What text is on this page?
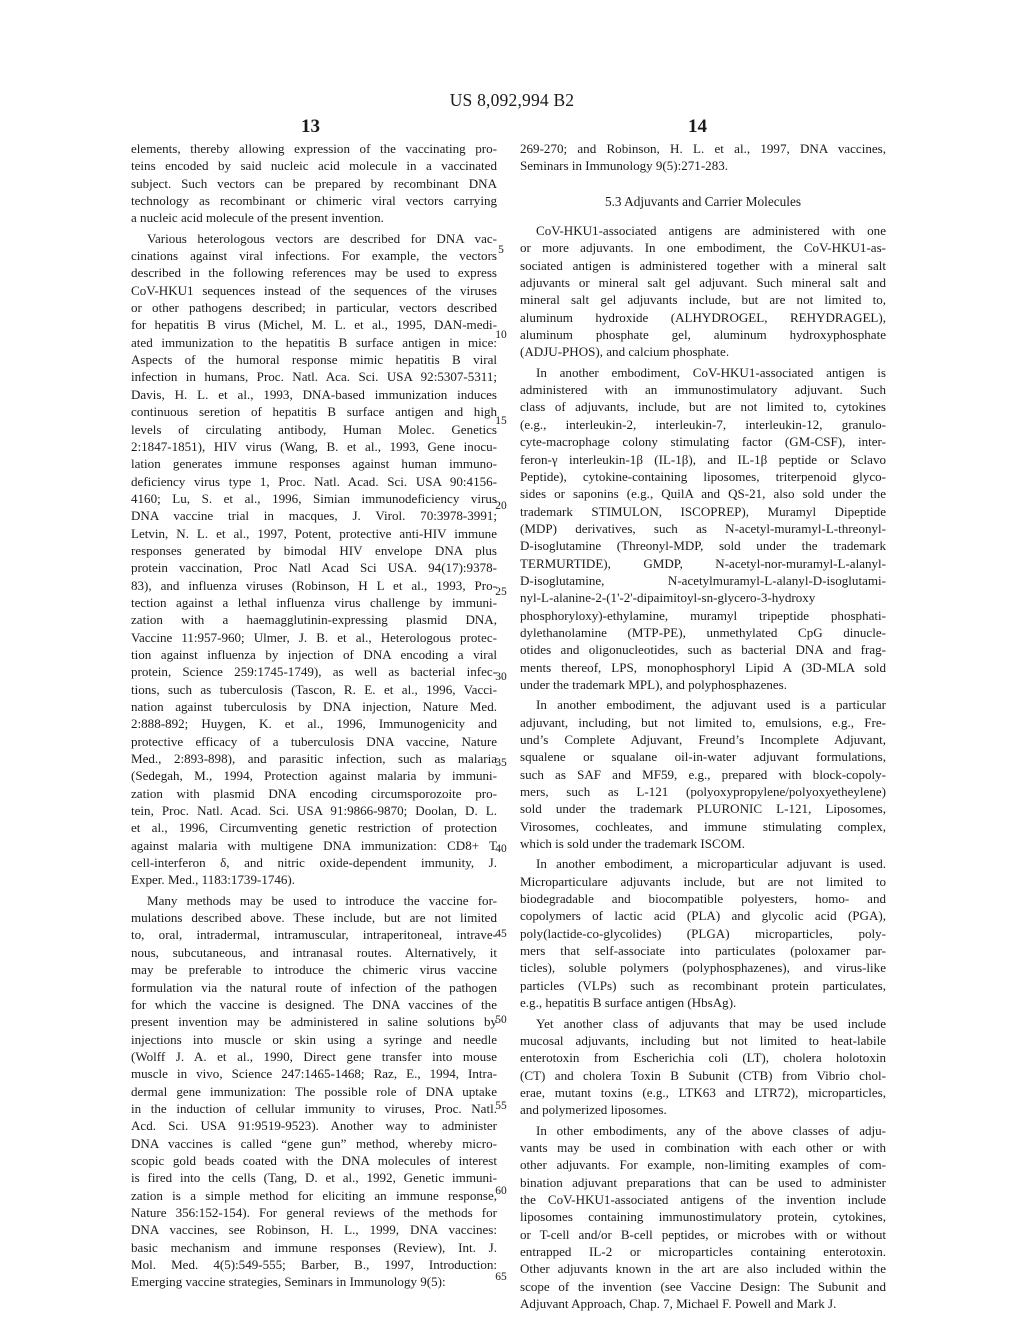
US 8,092,994 B2
13	14
elements, thereby allowing expression of the vaccinating pro-
teins encoded by said nucleic acid molecule in a vaccinated
subject. Such vectors can be prepared by recombinant DNA
technology as recombinant or chimeric viral vectors carrying
a nucleic acid molecule of the present invention.
Various heterologous vectors are described for DNA vac-
cinations against viral infections. For example, the vectors
described in the following references may be used to express
CoV-HKU1 sequences instead of the sequences of the viruses
or other pathogens described; in particular, vectors described
for hepatitis B virus (Michel, M. L. et al., 1995, DAN-medi-
ated immunization to the hepatitis B surface antigen in mice:
Aspects of the humoral response mimic hepatitis B viral
infection in humans, Proc. Natl. Aca. Sci. USA 92:5307-5311;
Davis, H. L. et al., 1993, DNA-based immunization induces
continuous seretion of hepatitis B surface antigen and high
levels of circulating antibody, Human Molec. Genetics
2:1847-1851), HIV virus (Wang, B. et al., 1993, Gene inocu-
lation generates immune responses against human immuno-
deficiency virus type 1, Proc. Natl. Acad. Sci. USA 90:4156-
4160; Lu, S. et al., 1996, Simian immunodeficiency virus
DNA vaccine trial in macques, J. Virol. 70:3978-3991;
Letvin, N. L. et al., 1997, Potent, protective anti-HIV immune
responses generated by bimodal HIV envelope DNA plus
protein vaccination, Proc Natl Acad Sci USA. 94(17):9378-
83), and influenza viruses (Robinson, H L et al., 1993, Pro-
tection against a lethal influenza virus challenge by immuni-
zation with a haemagglutinin-expressing plasmid DNA,
Vaccine 11:957-960; Ulmer, J. B. et al., Heterologous protec-
tion against influenza by injection of DNA encoding a viral
protein, Science 259:1745-1749), as well as bacterial infec-
tions, such as tuberculosis (Tascon, R. E. et al., 1996, Vacci-
nation against tuberculosis by DNA injection, Nature Med.
2:888-892; Huygen, K. et al., 1996, Immunogenicity and
protective efficacy of a tuberculosis DNA vaccine, Nature
Med., 2:893-898), and parasitic infection, such as malaria
(Sedegah, M., 1994, Protection against malaria by immuni-
zation with plasmid DNA encoding circumsporozoite pro-
tein, Proc. Natl. Acad. Sci. USA 91:9866-9870; Doolan, D. L.
et al., 1996, Circumventing genetic restriction of protection
against malaria with multigene DNA immunization: CD8+ T
cell-interferon δ, and nitric oxide-dependent immunity, J.
Exper. Med., 1183:1739-1746).
Many methods may be used to introduce the vaccine for-
mulations described above. These include, but are not limited
to, oral, intradermal, intramuscular, intraperitoneal, intrave-
nous, subcutaneous, and intranasal routes. Alternatively, it
may be preferable to introduce the chimeric virus vaccine
formulation via the natural route of infection of the pathogen
for which the vaccine is designed. The DNA vaccines of the
present invention may be administered in saline solutions by
injections into muscle or skin using a syringe and needle
(Wolff J. A. et al., 1990, Direct gene transfer into mouse
muscle in vivo, Science 247:1465-1468; Raz, E., 1994, Intra-
dermal gene immunization: The possible role of DNA uptake
in the induction of cellular immunity to viruses, Proc. Natl.
Acd. Sci. USA 91:9519-9523). Another way to administer
DNA vaccines is called “gene gun” method, whereby micro-
scopic gold beads coated with the DNA molecules of interest
is fired into the cells (Tang, D. et al., 1992, Genetic immuni-
zation is a simple method for eliciting an immune response,
Nature 356:152-154). For general reviews of the methods for
DNA vaccines, see Robinson, H. L., 1999, DNA vaccines:
basic mechanism and immune responses (Review), Int. J.
Mol. Med. 4(5):549-555; Barber, B., 1997, Introduction:
Emerging vaccine strategies, Seminars in Immunology 9(5):
5
10
15
20
25
30
35
40
45
50
55
60
65
269-270; and Robinson, H. L. et al., 1997, DNA vaccines,
Seminars in Immunology 9(5):271-283.
5.3 Adjuvants and Carrier Molecules
CoV-HKU1-associated antigens are administered with one
or more adjuvants. In one embodiment, the CoV-HKU1-as-
sociated antigen is administered together with a mineral salt
adjuvants or mineral salt gel adjuvant. Such mineral salt and
mineral salt gel adjuvants include, but are not limited to,
aluminum hydroxide (ALHYDROGEL, REHYDRAGEL),
aluminum phosphate gel, aluminum hydroxyphosphate
(ADJU-PHOS), and calcium phosphate.
In another embodiment, CoV-HKU1-associated antigen is
administered with an immunostimulatory adjuvant. Such
class of adjuvants, include, but are not limited to, cytokines
(e.g., interleukin-2, interleukin-7, interleukin-12, granulo-
cyte-macrophage colony stimulating factor (GM-CSF), inter-
feron-γ interleukin-1β (IL-1β), and IL-1β peptide or Sclavo
Peptide), cytokine-containing liposomes, triterpenoid glyco-
sides or saponins (e.g., QuilA and QS-21, also sold under the
trademark STIMULON, ISCOPREP), Muramyl Dipeptide
(MDP) derivatives, such as N-acetyl-muramyl-L-threonyl-
D-isoglutamine (Threonyl-MDP, sold under the trademark
TERMURTIDE), GMDP, N-acetyl-nor-muramyl-L-alanyl-
D-isoglutamine, N-acetylmuramyl-L-alanyl-D-isoglutami-
nyl-L-alanine-2-(1'-2'-dipaimitoyl-sn-glycero-3-hydroxy
phosphoryloxy)-ethylamine, muramyl tripeptide phosphati-
dylethanolamine (MTP-PE), unmethylated CpG dinucle-
otides and oligonucleotides, such as bacterial DNA and frag-
ments thereof, LPS, monophosphoryl Lipid A (3D-MLA sold
under the trademark MPL), and polyphosphazenes.
In another embodiment, the adjuvant used is a particular
adjuvant, including, but not limited to, emulsions, e.g., Fre-
und’s Complete Adjuvant, Freund’s Incomplete Adjuvant,
squalene or squalane oil-in-water adjuvant formulations,
such as SAF and MF59, e.g., prepared with block-copoly-
mers, such as L-121 (polyoxypropylene/polyoxyetheylene)
sold under the trademark PLURONIC L-121, Liposomes,
Virosomes, cochleates, and immune stimulating complex,
which is sold under the trademark ISCOM.
In another embodiment, a microparticular adjuvant is used.
Microparticulare adjuvants include, but are not limited to
biodegradable and biocompatible polyesters, homo- and
copolymers of lactic acid (PLA) and glycolic acid (PGA),
poly(lactide-co-glycolides) (PLGA) microparticles, poly-
mers that self-associate into particulates (poloxamer par-
ticles), soluble polymers (polyphosphazenes), and virus-like
particles (VLPs) such as recombinant protein particulates,
e.g., hepatitis B surface antigen (HbsAg).
Yet another class of adjuvants that may be used include
mucosal adjuvants, including but not limited to heat-labile
enterotoxin from Escherichia coli (LT), cholera holotoxin
(CT) and cholera Toxin B Subunit (CTB) from Vibrio chol-
erae, mutant toxins (e.g., LTK63 and LTR72), microparticles,
and polymerized liposomes.
In other embodiments, any of the above classes of adju-
vants may be used in combination with each other or with
other adjuvants. For example, non-limiting examples of com-
bination adjuvant preparations that can be used to administer
the CoV-HKU1-associated antigens of the invention include
liposomes containing immunostimulatory protein, cytokines,
or T-cell and/or B-cell peptides, or microbes with or without
entrapped IL-2 or microparticles containing enterotoxin.
Other adjuvants known in the art are also included within the
scope of the invention (see Vaccine Design: The Subunit and
Adjuvant Approach, Chap. 7, Michael F. Powell and Mark J.
